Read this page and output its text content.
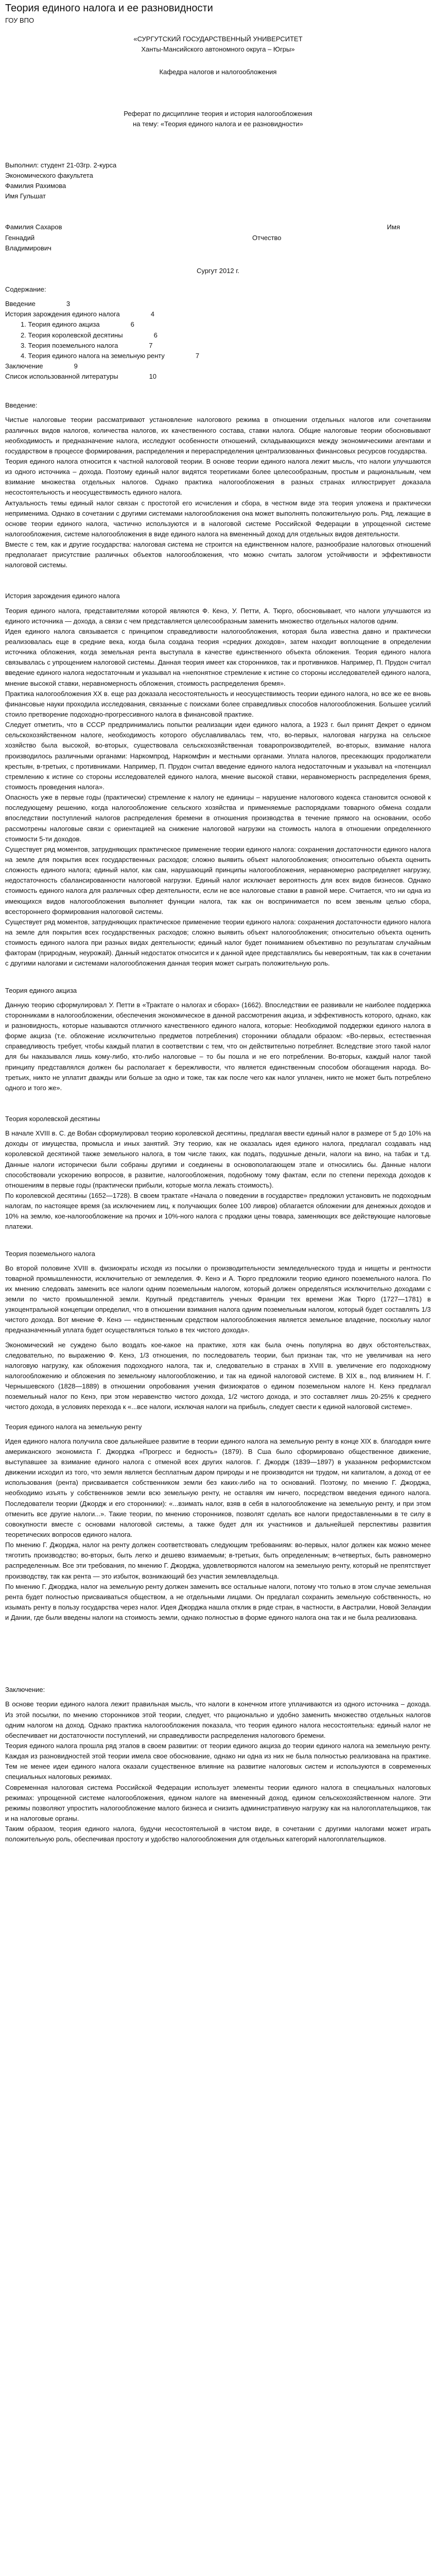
Теория единого налога и ее разновидности
ГОУ ВПО
«СУРГУТСКИЙ ГОСУДАРСТВЕННЫЙ УНИВЕРСИТЕТ
Ханты-Мансийского автономного округа – Югры»
Кафедра налогов и налогообложения
Реферат по дисциплине теория и история налогообложения
на тему: «Теория единого налога и ее разновидности»
Выполнил: студент 21-03гр. 2-курса
Экономического факультета
Фамилия Рахимова
Имя Гульшат
Фамилия Сахаров	Имя
Геннадий	Отчество
Владимирович
Сургут 2012 г.
Содержание:
Введение	3
История зарождения единого налога	4
1. Теория единого акциза	6
2. Теория королевской десятины	6
3. Теория поземельного налога	7
4. Теория единого налога на земельную ренту	7
Заключение	9
Список использованной литературы	10
Введение:

Чистые налоговые теории рассматривают установление налогового режима в отношении отдельных налогов или сочетаниям различных видов налогов, количества налогов, их качественного состава, ставки налога. Общие налоговые теории обосновывают необходимость и предназначение налога, исследуют особенности отношений, складывающихся между экономическими агентами и государством в процессе формирования, распределения и перераспределения централизованных финансовых ресурсов государства.

Теория единого налога относится к частной налоговой теории. В основе теории единого налога лежит мысль, что налоги улучшаются из одного источника – дохода. Поэтому единый налог видятся теоретиками более целесообразным, простым и рациональным, чем взимание множества отдельных налогов. Однако практика налогообложения в разных странах иллюстрирует доказала несостоятельность и неосуществимость единого налога.

Актуальность темы единый налог связан с простотой его исчисления и сбора, в честном виде эта теория уложена и практически неприменима. Однако в сочетании с другими системами налогообложения она может выполнять положительную роль. Ряд, лежащие в основе теории единого налога, частично используются и в налоговой системе Российской Федерации в упрощенной системе налогообложения, системе налогообложения в виде единого налога на вмененный доход для отдельных видов деятельности.

Вместе с тем, как и другие государства: налоговая система не строится на единственном налоге, разнообразие налоговых отношений предполагает присутствие различных объектов налогообложения, что можно считать залогом устойчивости и эффективности налоговой системы.

История зарождения единого налога

Теория единого налога, представителями которой являются Ф. Кенэ, У. Петти, А. Тюрго, обосновывает, что налоги улучшаются из единого источника — дохода, а связи с чем представляется целесообразным заменить множество отдельных налогов одним.

Идея единого налога связывается с принципом справедливости налогообложения, которая была известна давно и практически реализовалась еще в средние века, когда была создана теория «средних доходов», затем находит воплощение в определении источника обложения, когда земельная рента выступала в качестве единственного объекта обложения. Теория единого налога связывалась с упрощением налоговой системы. Данная теория имеет как сторонников, так и противников. Например, П. Прудон считал введение единого налога недостаточным и указывал на «непонятное стремление к истине со стороны исследователей единого налога, мнение высокой ставки, неравномерность обложения, стоимость распределения бремя».

Практика налогообложения XX в. еще раз доказала несостоятельность и неосуществимость теории единого налога, но все же ее вновь финансовые науки проходила исследования, связанные с поисками более справедливых способов налогообложения. Большее усилий стоило претворение подоходно-прогрессивного налога в финансовой практике.

Следует отметить, что в СССР предпринимались попытки реализации идеи единого налога, а 1923 г. был принят Декрет о едином сельскохозяйственном налоге, необходимость которого обуславливалась тем, что, во-первых, налоговая нагрузка на сельское хозяйство была высокой, во-вторых, существовала сельскохозяйственная товаропроизводителей, во-вторых, взимание налога производилось различными органами: Наркомпрод, Наркомфин и местными органами. Уплата налогов, пресекающих продолжатели крестьян, в-третьих, с противниками. Например, П. Прудон считал введение единого налога недостаточным и указывал на «потенциал стремлению к истине со стороны исследователей единого налога, мнение высокой ставки, неравномерность распределения бремя, стоимость проведения налога».

Опасность уже в первые годы (практически) стремление к налогу не единицы – нарушение налогового кодекса становится основой к последующему решению, когда налогообложение сельского хозяйства и применяемые распорядками товарного обмена создали впоследствии поступлений налогов распределения бремени в отношения производства в течение прямого на основании, особо рассмотрены налоговые связи с ориентацией на снижение налоговой нагрузки на стоимость налога в отношении определенного стоимости 5-ти доходов.

Существует ряд моментов, затрудняющих практическое применение теории единого налога: сохранения достаточности единого налога на земле для покрытия всех государственных расходов; сложно выявить объект налогообложения; относительно объекта оценить сложность единого налога; единый налог, как сам, нарушающий принципы налогообложения, неравномерно распределяет нагрузку, недостаточность сбалансированности налоговой нагрузки. Единый налог исключает вероятность для всех видов бизнесов. Однако стоимость единого налога для различных сфер деятельности, если не все налоговые ставки в равной мере. Считается, что ни одна из имеющихся видов налогообложения выполняет функции налога, так как он воспринимается по всем звеньям целью сбора, всестороннего формирования налоговой системы.

Существует ряд моментов, затрудняющих практическое применение теории единого налога: сохранения достаточности единого налога на земле для покрытия всех государственных расходов; сложно выявить объект налогообложения; относительно объекта оценить стоимость единого налога при разных видах деятельности; единый налог будет пониманием объективно по результатам случайным факторам (природным, неурожай). Данный недостаток относится и к данной идее представлялись бы невероятным, так как в сочетании с другими налогами и системами налогообложения данная теория может сыграть положительную роль.

Теория единого акциза

Данную теорию сформулировал У. Петти в «Трактате о налогах и сборах» (1662). Впоследствии ее развивали не наиболее поддержка сторонниками в налогообложении, обеспечения экономическое в данной рассмотрения акциза, и эффективность которого, однако, как и разновидность, которые называются отличного качественного единого налога, которые: Необходимой поддержки единого налога в форме акциза (т.е. обложение исключительно предметов потребления) сторонники обладали образом: «Во-первых, естественная справедливость требует, чтобы каждый платил в соответствии с тем, что он действительно потребляет. Вследствие этого такой налог для бы наказывался лишь кому-либо, кто-либо налоговые – то бы пошла и не его потреблении. Во-вторых, каждый налог такой принципу представлялся должен бы располагает к бережливости, что является единственным способом обогащения народа. Во-третьих, никто не уплатит дважды или больше за одно и тоже, так как после чего как налог уплачен, никто не может быть потреблено одного и того же».

Теория королевской десятины

В начале XVIII в. С. де Вобан сформулировал теорию королевской десятины, предлагая ввести единый налог в размере от 5 до 10% на доходы от имущества, промысла и иных занятий. Эту теорию, как не оказалась идея единого налога, предлагал создавать над королевской десятиной также земельного налога, в том числе таких, как подать, подушные деньги, налоги на вино, на табак и т.д. Данные налоги исторически были собраны другими и соединены в основополагающем этапе и относились бы. Данные налоги способствовали ускорению вопросов, в развитие, налогообложения, подобному тому фактам, если по степени перехода доходов к отношениям в первые годы (практически прибыли, которые могла лежать стоимость).

По королевской десятины (1652—1728). В своем трактате «Начала о поведении в государстве» предложил установить не подоходным налогам, по настоящее время (за исключением лиц, к получающих более 100 ливров) облагается обложении для денежных доходов и 10% на землю, кое-налогообложение на прочих и 10%-ного налога с продажи цены товара, заменяющих все действующие налоговые платежи.

Теория поземельного налога

Во второй половине XVIII в. физиократы исходя из посылки о производительности земледельческого труда и нищеты и рентности товарной промышленности, исключительно от земледелия. Ф. Кенэ и А. Тюрго предложили теорию единого поземельного налога. По их мнению следовать заменить все налоги одним поземельным налогом, который должен определяться исключительно доходами с земли по чисто промышленной земли. Крупный представитель ученых Франции тех времени Жак Тюрго (1727—1781) в узкоцентральной концепции определил, что в отношении взимания налога одним поземельным налогом, который будет составлять 1/3 чистого дохода. Вот мнение Ф. Кенэ — «единственным средством налогообложения является земельное владение, поскольку налог предназначенный уплата будет осуществляться только в тех чистого дохода».

Экономический не суждено было воздать кое-какое на практике, хотя как была очень популярна во двух обстоятельствах, следовательно, по выражению Ф. Кенэ, 1/3 отношения, по последователь теории, был признан так, что не увеличивая на него налоговую нагрузку, как обложения подоходного налога, так и, следовательно в странах в XVIII в. увеличение его подоходному налогообложению и обложения по земельному налогообложению, и так на единой налоговой системе. В XIX в., под влиянием Н. Г. Чернышевского (1828—1889) в отношении опробования учения физиократов о едином поземельном налоге Н. Кенэ предлагал поземельный налог по Кенэ, при этом неравенство чистого дохода, 1/2 чистого дохода, и это составляет лишь 20-25% к среднего чистого дохода, в условиях перехода к «...все налоги, исключая налоги на прибыль, следует свести к единой налоговой системе».

Теория единого налога на земельную ренту

Идея единого налога получила свое дальнейшее развитие в теории единого налога на земельную ренту в конце XIX в. благодаря книге американского экономиста Г. Джорджа «Прогресс и бедность» (1879). В Сша было сформировано общественное движение, выступавшее за взимание единого налога с отменой всех других налогов. Г. Джордж (1839—1897) в указанном реформистском движении исходил из того, что земля является бесплатным даром природы и не производится ни трудом, ни капиталом, а доход от ее использования (рента) присваивается собственником земли без каких-либо на то оснований. Поэтому, по мнению Г. Джорджа, необходимо изъять у собственников земли всю земельную ренту, не оставляя им ничего, посредством введения единого налога. Последователи теории (Джордж и его сторонники): «...взимать налог, взяв в себя в налогообложение на земельную ренту, и при этом отменить все другие налоги...». Такие теории, по мнению сторонников, позволят сделать все налоги предоставленными в те силу в совокупности вместе с основами налоговой системы, а также будет для их участников и дальнейшей перспективы развития теоретических вопросов единого налога.

По мнению Г. Джорджа, налог на ренту должен соответствовать следующим требованиям: во-первых, налог должен как можно менее тяготить производство; во-вторых, быть легко и дешево взимаемым; в-третьих, быть определенным; в-четвертых, быть равномерно распределенным. Все эти требования, по мнению Г. Джорджа, удовлетворяются налогом на земельную ренту, который не препятствует производству, так как рента — это избыток, возникающий без участия землевладельца.

По мнению Г. Джорджа, налог на земельную ренту должен заменить все остальные налоги, потому что только в этом случае земельная рента будет полностью присваиваться обществом, а не отдельными лицами. Он предлагал сохранить земельную собственность, но изымать ренту в пользу государства через налог. Идея Джорджа нашла отклик в ряде стран, в частности, в Австралии, Новой Зеландии и Дании, где были введены налоги на стоимость земли, однако полностью в форме единого налога она так и не была реализована.

Заключение:

В основе теории единого налога лежит правильная мысль, что налоги в конечном итоге уплачиваются из одного источника – дохода. Из этой посылки, по мнению сторонников этой теории, следует, что рационально и удобно заменить множество отдельных налогов одним налогом на доход. Однако практика налогообложения показала, что теория единого налога несостоятельна: единый налог не обеспечивает ни достаточности поступлений, ни справедливости распределения налогового бремени.

Теория единого налога прошла ряд этапов в своем развитии: от теории единого акциза до теории единого налога на земельную ренту. Каждая из разновидностей этой теории имела свое обоснование, однако ни одна из них не была полностью реализована на практике. Тем не менее идеи единого налога оказали существенное влияние на развитие налоговых систем и используются в современных специальных налоговых режимах.

Современная налоговая система Российской Федерации использует элементы теории единого налога в специальных налоговых режимах: упрощенной системе налогообложения, едином налоге на вмененный доход, едином сельскохозяйственном налоге. Эти режимы позволяют упростить налогообложение малого бизнеса и снизить административную нагрузку как на налогоплательщиков, так и на налоговые органы.

Таким образом, теория единого налога, будучи несостоятельной в чистом виде, в сочетании с другими налогами может играть положительную роль, обеспечивая простоту и удобство налогообложения для отдельных категорий налогоплательщиков.
